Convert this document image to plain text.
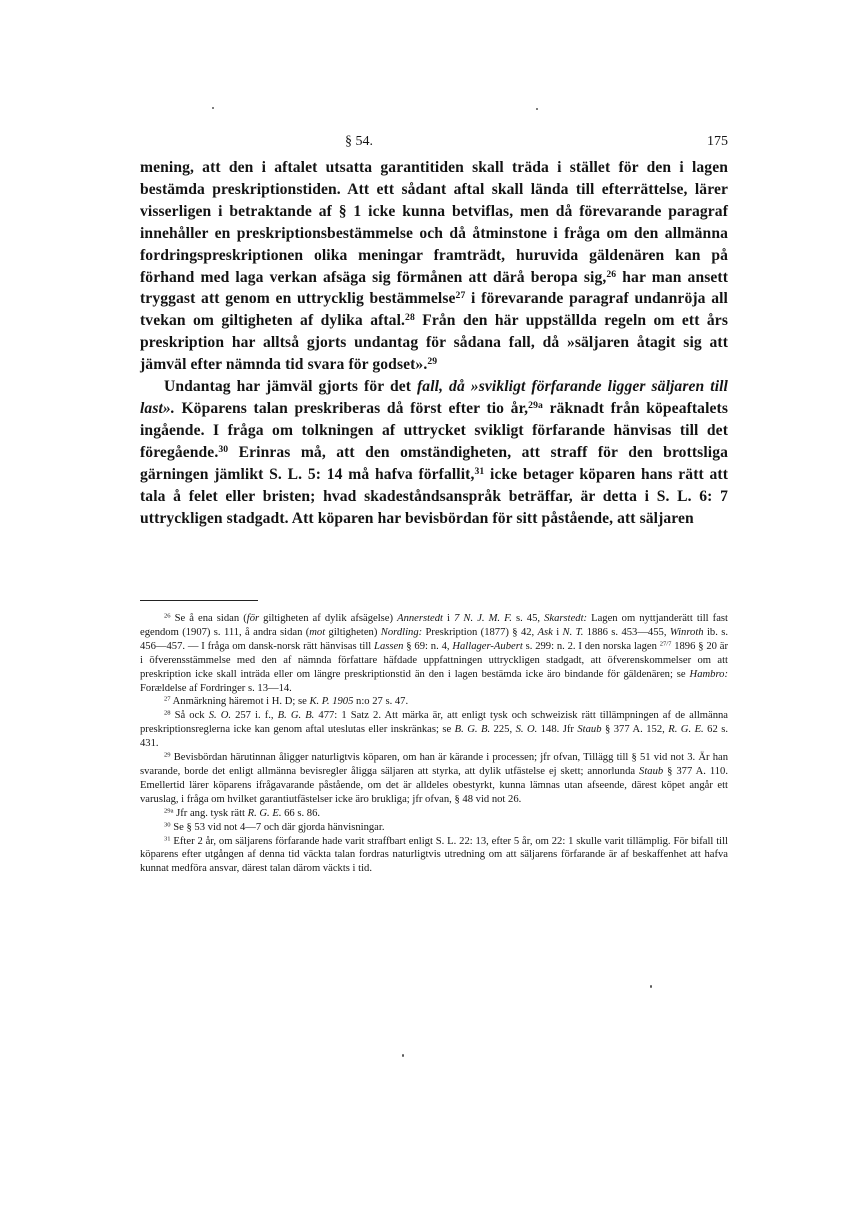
§ 54.	175

mening, att den i aftalet utsatta garantitiden skall träda i stället för den i lagen bestämda preskriptionstiden. Att ett sådant aftal skall lända till efterrättelse, lärer visserligen i betraktande af § 1 icke kunna betviflas, men då förevarande paragraf innehåller en preskriptionsbestämmelse och då åtminstone i fråga om den allmänna fordringspreskriptionen olika meningar framträdt, huruvida gäldenären kan på förhand med laga verkan afsäga sig förmånen att därå beropa sig,$^{26}$ har man ansett tryggast att genom en uttrycklig bestämmelse$^{27}$ i förevarande paragraf undanröja all tvekan om giltigheten af dylika aftal.$^{28}$ Från den här uppställda regeln om ett års preskription har alltså gjorts undantag för sådana fall, då »säljaren åtagit sig att jämväl efter nämnda tid svara för godset».$^{29}$

Undantag har jämväl gjorts för det fall, då »svikligt förfarande ligger säljaren till last». Köparens talan preskriberas då först efter tio år,$^{29a}$ räknadt från köpeaftalets ingående. I fråga om tolkningen af uttrycket svikligt förfarande hänvisas till det föregående.$^{30}$ Erinras må, att den omständigheten, att straff för den brottsliga gärningen jämlikt S. L. 5: 14 må hafva förfallit,$^{31}$ icke betager köparen hans rätt att tala å felet eller bristen; hvad skadeståndsanspråk beträffar, är detta i S. L. 6: 7 uttryckligen stadgadt. Att köparen har bevisbördan för sitt påstående, att säljaren

$^{26}$ Se å ena sidan (för giltigheten af dylik afsägelse) Annerstedt i 7 N. J. M. F. s. 45, Skarstedt: Lagen om nyttjanderätt till fast egendom (1907) s. 111, å andra sidan (mot giltigheten) Nordling: Preskription (1877) § 42, Ask i N. T. 1886 s. 453—455, Winroth ib. s. 456—457. — I fråga om dansk-norsk rätt hänvisas till Lassen § 69: n. 4, Hallager-Aubert s. 299: n. 2. I den norska lagen $^{27/7}$ 1896 § 20 är i öfverensstämmelse med den af nämnda författare häfdade uppfattningen uttryckligen stadgadt, att öfverenskommelser om att preskription icke skall inträda eller om längre preskriptionstid än den i lagen bestämda icke äro bindande för gäldenären; se Hambro: Forældelse af Fordringer s. 13—14.

$^{27}$ Anmärkning häremot i H. D; se K. P. 1905 n:o 27 s. 47.

$^{28}$ Så ock S. O. 257 i. f., B. G. B. 477: 1 Satz 2. Att märka är, att enligt tysk och schweizisk rätt tillämpningen af de allmänna preskriptionsreglerna icke kan genom aftal uteslutas eller inskränkas; se B. G. B. 225, S. O. 148. Jfr Staub § 377 A. 152, R. G. E. 62 s. 431.

$^{29}$ Bevisbördan härutinnan åligger naturligtvis köparen, om han är kärande i processen; jfr ofvan, Tillägg till § 51 vid not 3. Är han svarande, borde det enligt allmänna bevisregler åligga säljaren att styrka, att dylik utfästelse ej skett; annorlunda Staub § 377 A. 110. Emellertid lärer köparens ifrågavarande påstående, om det är alldeles obestyrkt, kunna lämnas utan afseende, därest köpet angår ett varuslag, i fråga om hvilket garantiutfästelser icke äro brukliga; jfr ofvan, § 48 vid not 26.

$^{29a}$ Jfr ang. tysk rätt R. G. E. 66 s. 86.

$^{30}$ Se § 53 vid not 4—7 och där gjorda hänvisningar.

$^{31}$ Efter 2 år, om säljarens förfarande hade varit straffbart enligt S. L. 22: 13, efter 5 år, om 22: 1 skulle varit tillämplig. För bifall till köparens efter utgången af denna tid väckta talan fordras naturligtvis utredning om att säljarens förfarande är af beskaffenhet att hafva kunnat medföra ansvar, därest talan därom väckts i tid.
